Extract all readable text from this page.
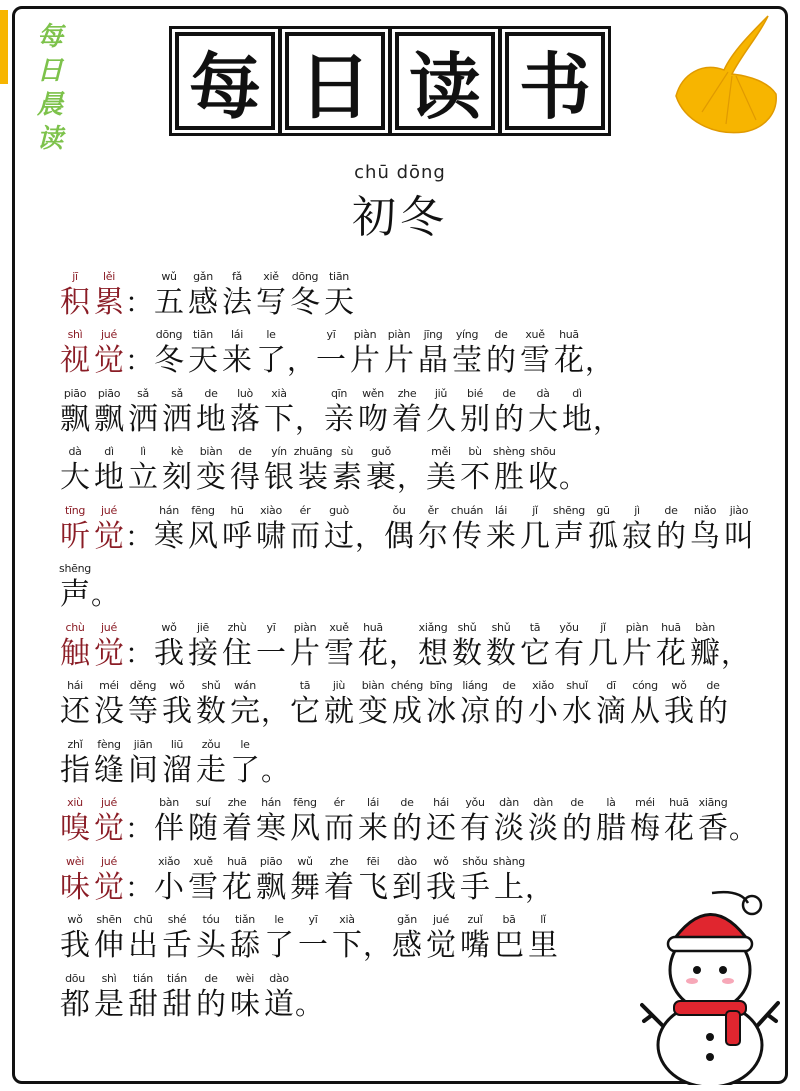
每
日
晨
读
每 日 读 书
chū dōng
初冬
jī
积
lěi
累 ：
wǔ
五
gǎn
感
fǎ
法
xiě
写
dōng
冬
tiān
天
shì
视
jué
觉 ：
dōng
冬
tiān
天
lái
来
le
了 ，
yī
一
piàn
片
piàn
片
jīng
晶
yíng
莹
de
的
xuě
雪
huā
花 ，
piāo
飘
piāo
飘
sǎ
洒
sǎ
洒
de
地
luò
落
xià
下 ，
qīn
亲
wěn
吻
zhe
着
jiǔ
久
bié
别
de
的
dà
大
dì
地 ，
dà
大
dì
地
lì
立
kè
刻
biàn
变
de
得
yín
银
zhuāng
装
sù
素
guǒ
裹 ，
měi
美
bù
不
shèng
胜
shōu
收 。
tīng
听
jué
觉 ：
hán
寒
fēng
风
hū
呼
xiào
啸
ér
而
guò
过 ，
ǒu
偶
ěr
尔
chuán
传
lái
来
jǐ
几
shēng
声
gū
孤
jì
寂
de
的
niǎo
鸟
jiào
叫
shēng
声 。
chù
触
jué
觉 ：
wǒ
我
jiē
接
zhù
住
yī
一
piàn
片
xuě
雪
huā
花 ，
xiǎng
想
shǔ
数
shǔ
数
tā
它
yǒu
有
jǐ
几
piàn
片
huā
花
bàn
瓣 ，
hái
还
méi
没
děng
等
wǒ
我
shǔ
数
wán
完 ，
tā
它
jiù
就
biàn
变
chéng
成
bīng
冰
liáng
凉
de
的
xiǎo
小
shuǐ
水
dī
滴
cóng
从
wǒ
我
de
的
zhǐ
指
fèng
缝
jiān
间
liū
溜
zǒu
走
le
了 。
xiù
嗅
jué
觉 ：
bàn
伴
suí
随
zhe
着
hán
寒
fēng
风
ér
而
lái
来
de
的
hái
还
yǒu
有
dàn
淡
dàn
淡
de
的
là
腊
méi
梅
huā
花
xiāng
香 。
wèi
味
jué
觉 ：
xiǎo
小
xuě
雪
huā
花
piāo
飘
wǔ
舞
zhe
着
fēi
飞
dào
到
wǒ
我
shǒu
手
shàng
上 ，
wǒ
我
shēn
伸
chū
出
shé
舌
tóu
头
tiǎn
舔
le
了
yī
一
xià
下 ，
gǎn
感
jué
觉
zuǐ
嘴
bā
巴
lǐ
里
dōu
都
shì
是
tián
甜
tián
甜
de
的
wèi
味
dào
道 。
